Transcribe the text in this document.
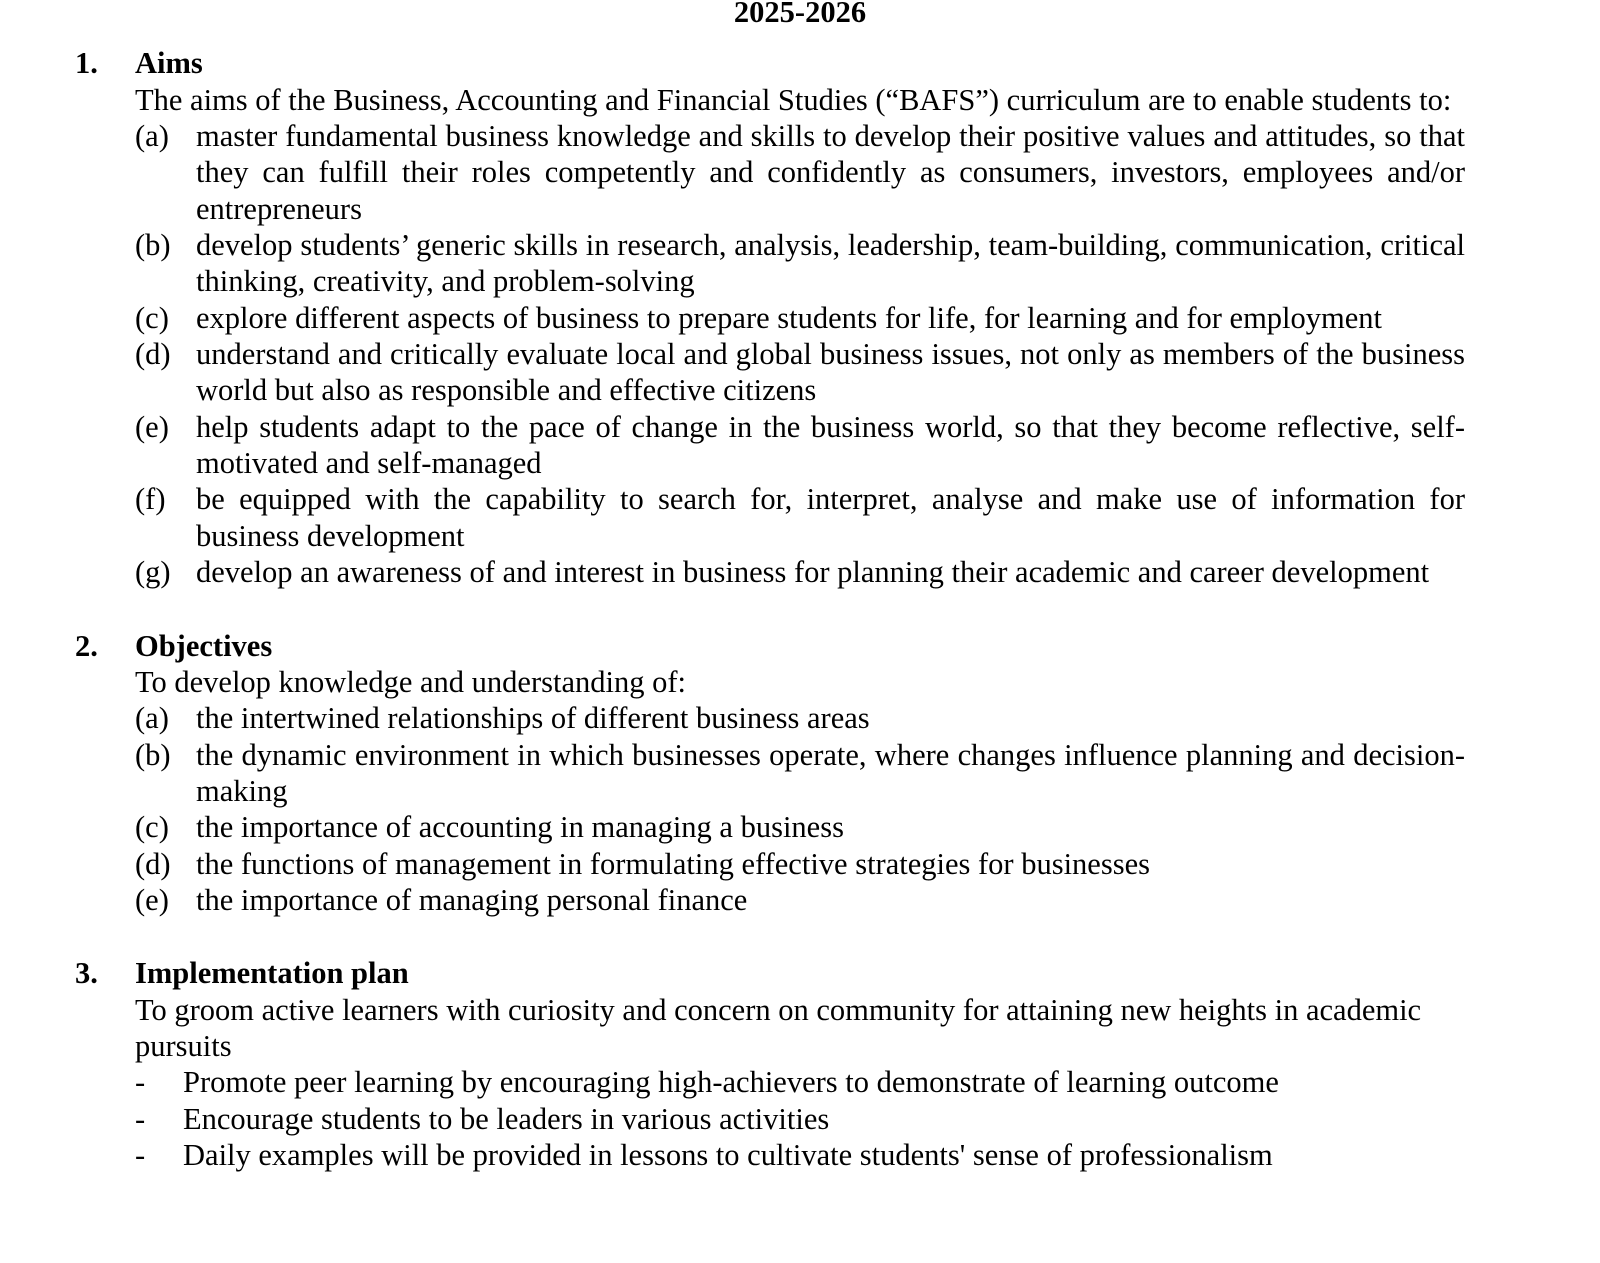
2025-2026
1.	Aims
The aims of the Business, Accounting and Financial Studies (“BAFS”) curriculum are to enable students to:
(a) master fundamental business knowledge and skills to develop their positive values and attitudes, so that they can fulfill their roles competently and confidently as consumers, investors, employees and/or entrepreneurs
(b) develop students’ generic skills in research, analysis, leadership, team-building, communication, critical thinking, creativity, and problem-solving
(c) explore different aspects of business to prepare students for life, for learning and for employment
(d) understand and critically evaluate local and global business issues, not only as members of the business world but also as responsible and effective citizens
(e) help students adapt to the pace of change in the business world, so that they become reflective, self-motivated and self-managed
(f)	be equipped with the capability to search for, interpret, analyse and make use of information for business development
(g) develop an awareness of and interest in business for planning their academic and career development
2.	Objectives
To develop knowledge and understanding of:
(a) the intertwined relationships of different business areas
(b) the dynamic environment in which businesses operate, where changes influence planning and decision-making
(c) the importance of accounting in managing a business
(d) the functions of management in formulating effective strategies for businesses
(e) the importance of managing personal finance
3.	Implementation plan
To groom active learners with curiosity and concern on community for attaining new heights in academic pursuits
-	Promote peer learning by encouraging high-achievers to demonstrate of learning outcome
-	Encourage students to be leaders in various activities
-	Daily examples will be provided in lessons to cultivate students' sense of professionalism
